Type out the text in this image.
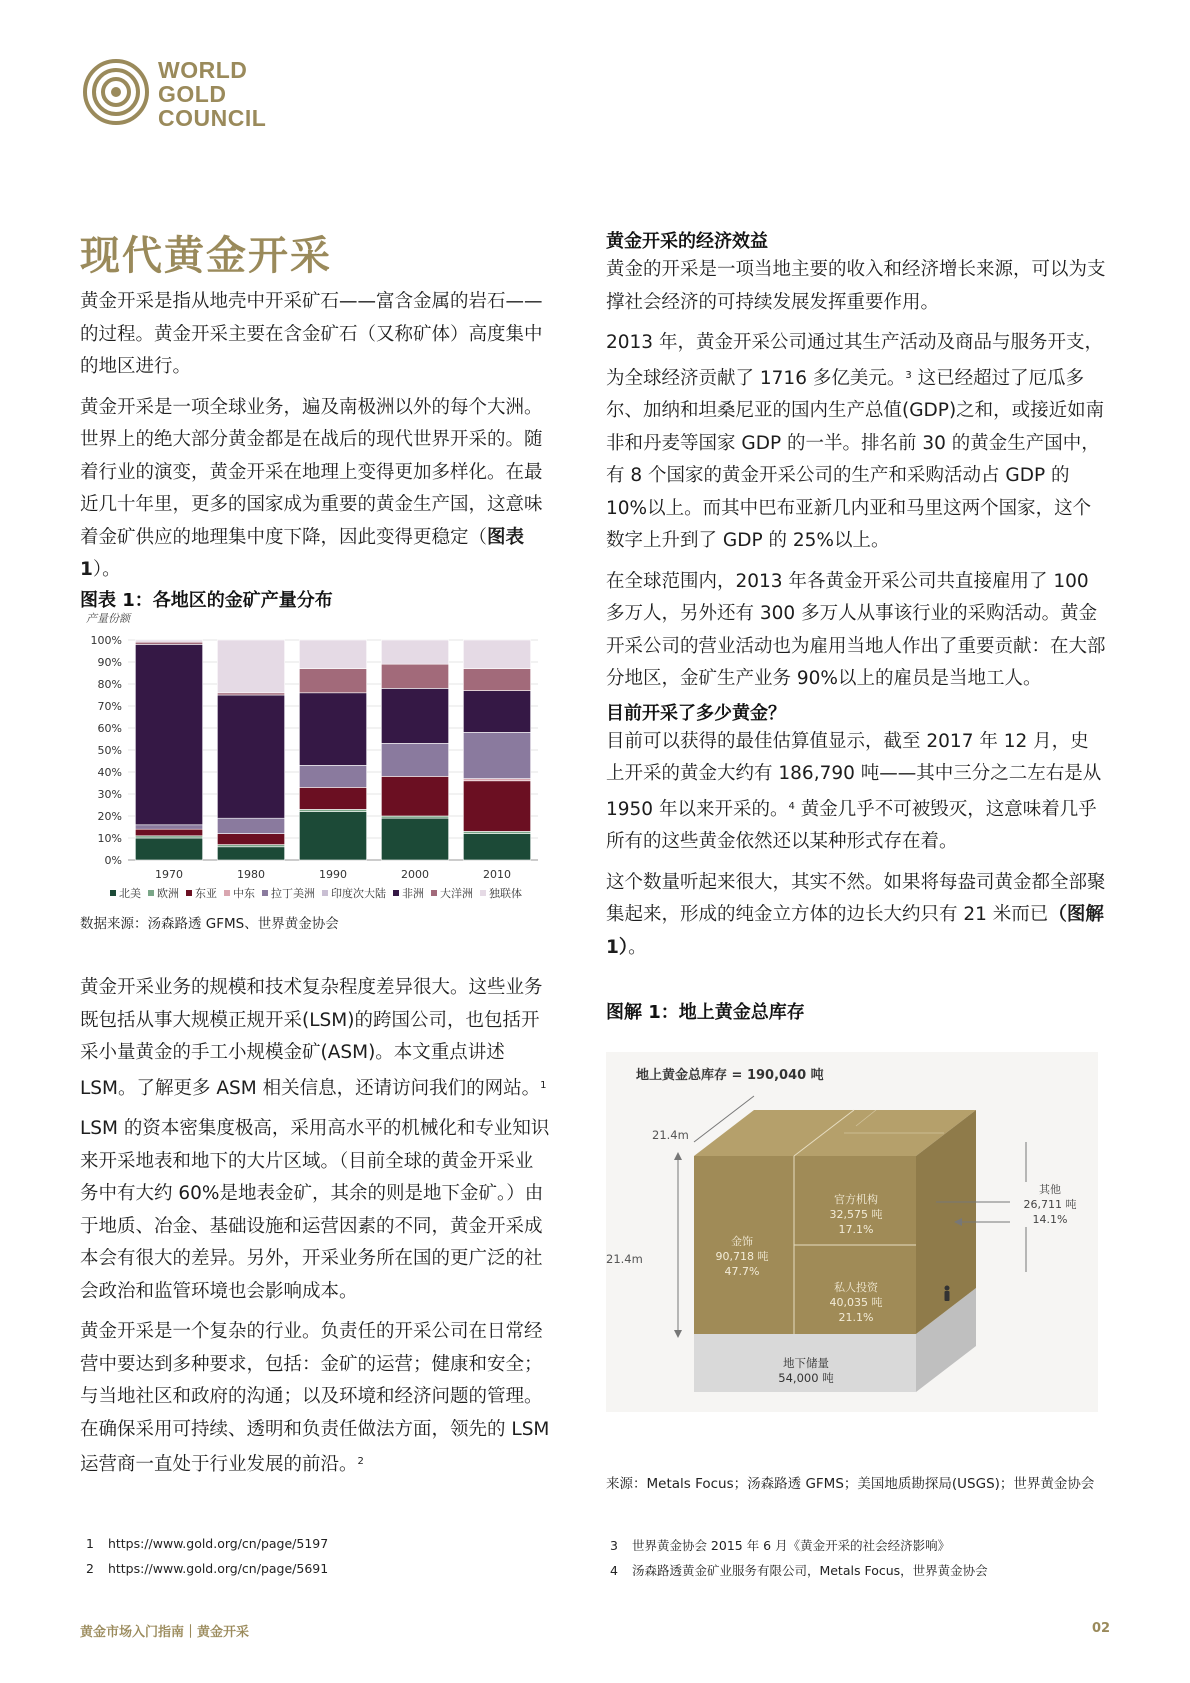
WORLD
GOLD
COUNCIL
现代黄金开采

黄金开采是指从地壳中开采矿石——富含金属的岩石——的过程。黄金开采主要在含金矿石（又称矿体）高度集中的地区进行。

黄金开采是一项全球业务，遍及南极洲以外的每个大洲。世界上的绝大部分黄金都是在战后的现代世界开采的。随着行业的演变，黄金开采在地理上变得更加多样化。在最近几十年里，更多的国家成为重要的黄金生产国，这意味着金矿供应的地理集中度下降，因此变得更稳定（图表 1）。

图表 1：各地区的金矿产量分布
产量份额
0%
10%
20%
30%
40%
50%
60%
70%
80%
90%
100%
1970	1980	1990	2000	2010
北美 欧洲 东亚 中东 拉丁美洲 印度次大陆 非洲 大洋洲 独联体
数据来源：汤森路透 GFMS、世界黄金协会

黄金开采业务的规模和技术复杂程度差异很大。这些业务既包括从事大规模正规开采(LSM)的跨国公司，也包括开采小量黄金的手工小规模金矿(ASM)。本文重点讲述 LSM。了解更多 ASM 相关信息，还请访问我们的网站。$^1$

LSM 的资本密集度极高，采用高水平的机械化和专业知识来开采地表和地下的大片区域。（目前全球的黄金开采业务中有大约 60%是地表金矿，其余的则是地下金矿。）由于地质、冶金、基础设施和运营因素的不同，黄金开采成本会有很大的差异。另外，开采业务所在国的更广泛的社会政治和监管环境也会影响成本。

黄金开采是一个复杂的行业。负责任的开采公司在日常经营中要达到多种要求，包括：金矿的运营；健康和安全；与当地社区和政府的沟通；以及环境和经济问题的管理。在确保采用可持续、透明和负责任做法方面，领先的 LSM 运营商一直处于行业发展的前沿。$^2$

1 https://www.gold.org/cn/page/5197
2 https://www.gold.org/cn/page/5691
黄金开采的经济效益

黄金的开采是一项当地主要的收入和经济增长来源，可以为支撑社会经济的可持续发展发挥重要作用。

2013 年，黄金开采公司通过其生产活动及商品与服务开支，为全球经济贡献了 1716 多亿美元。$^3$ 这已经超过了厄瓜多尔、加纳和坦桑尼亚的国内生产总值(GDP)之和，或接近如南非和丹麦等国家 GDP 的一半。排名前 30 的黄金生产国中，有 8 个国家的黄金开采公司的生产和采购活动占 GDP 的 10%以上。而其中巴布亚新几内亚和马里这两个国家，这个数字上升到了 GDP 的 25%以上。

在全球范围内，2013 年各黄金开采公司共直接雇用了 100 多万人，另外还有 300 多万人从事该行业的采购活动。黄金开采公司的营业活动也为雇用当地人作出了重要贡献：在大部分地区，金矿生产业务 90%以上的雇员是当地工人。

目前开采了多少黄金？

目前可以获得的最佳估算值显示，截至 2017 年 12 月，史上开采的黄金大约有 186,790 吨——其中三分之二左右是从 1950 年以来开采的。$^4$ 黄金几乎不可被毁灭，这意味着几乎所有的这些黄金依然还以某种形式存在着。

这个数量听起来很大，其实不然。如果将每盎司黄金都全部聚集起来，形成的纯金立方体的边长大约只有 21 米而已（图解 1）。

图解 1：地上黄金总库存
地上黄金总库存 = 190,040 吨
21.4m
21.4m
金饰
90,718 吨
47.7%
官方机构
32,575 吨
17.1%
私人投资
40,035 吨
21.1%
其他
26,711 吨
14.1%
地下储量
54,000 吨
来源：Metals Focus；汤森路透 GFMS；美国地质勘探局(USGS)；世界黄金协会
3 世界黄金协会 2015 年 6 月《黄金开采的社会经济影响》
4 汤森路透黄金矿业服务有限公司，Metals Focus，世界黄金协会
黄金市场入门指南｜黄金开采	02
